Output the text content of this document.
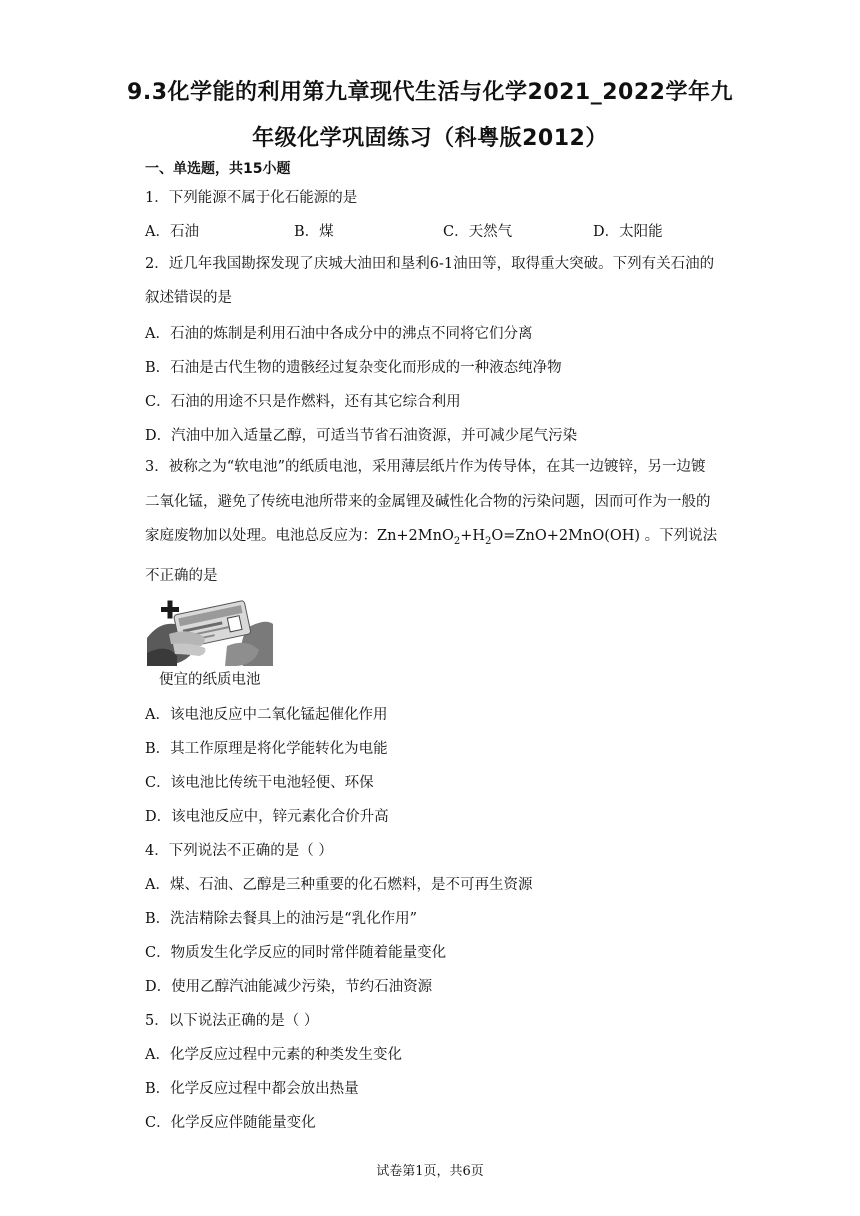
9.3化学能的利用第九章现代生活与化学2021_2022学年九
年级化学巩固练习（科粤版2012）
一、单选题，共15小题
1．下列能源不属于化石能源的是
A．石油	B．煤	C．天然气	D．太阳能
2．近几年我国勘探发现了庆城大油田和垦利6-1油田等，取得重大突破。下列有关石油的叙述错误的是
A．石油的炼制是利用石油中各成分中的沸点不同将它们分离
B．石油是古代生物的遗骸经过复杂变化而形成的一种液态纯净物
C．石油的用途不只是作燃料，还有其它综合利用
D．汽油中加入适量乙醇，可适当节省石油资源，并可减少尾气污染
3．被称之为“软电池”的纸质电池，采用薄层纸片作为传导体，在其一边镀锌，另一边镀二氧化锰，避免了传统电池所带来的金属锂及碱性化合物的污染问题，因而可作为一般的家庭废物加以处理。电池总反应为：$Zn+2MnO_2+H_2O=ZnO+2MnO(OH)$ 。下列说法不正确的是
便宜的纸质电池
A．该电池反应中二氧化锰起催化作用
B．其工作原理是将化学能转化为电能
C．该电池比传统干电池轻便、环保
D．该电池反应中，锌元素化合价升高
4．下列说法不正确的是（ ）
A．煤、石油、乙醇是三种重要的化石燃料，是不可再生资源
B．洗洁精除去餐具上的油污是“乳化作用”
C．物质发生化学反应的同时常伴随着能量变化
D．使用乙醇汽油能减少污染，节约石油资源
5．以下说法正确的是（ ）
A．化学反应过程中元素的种类发生变化
B．化学反应过程中都会放出热量
C．化学反应伴随能量变化
试卷第1页，共6页
